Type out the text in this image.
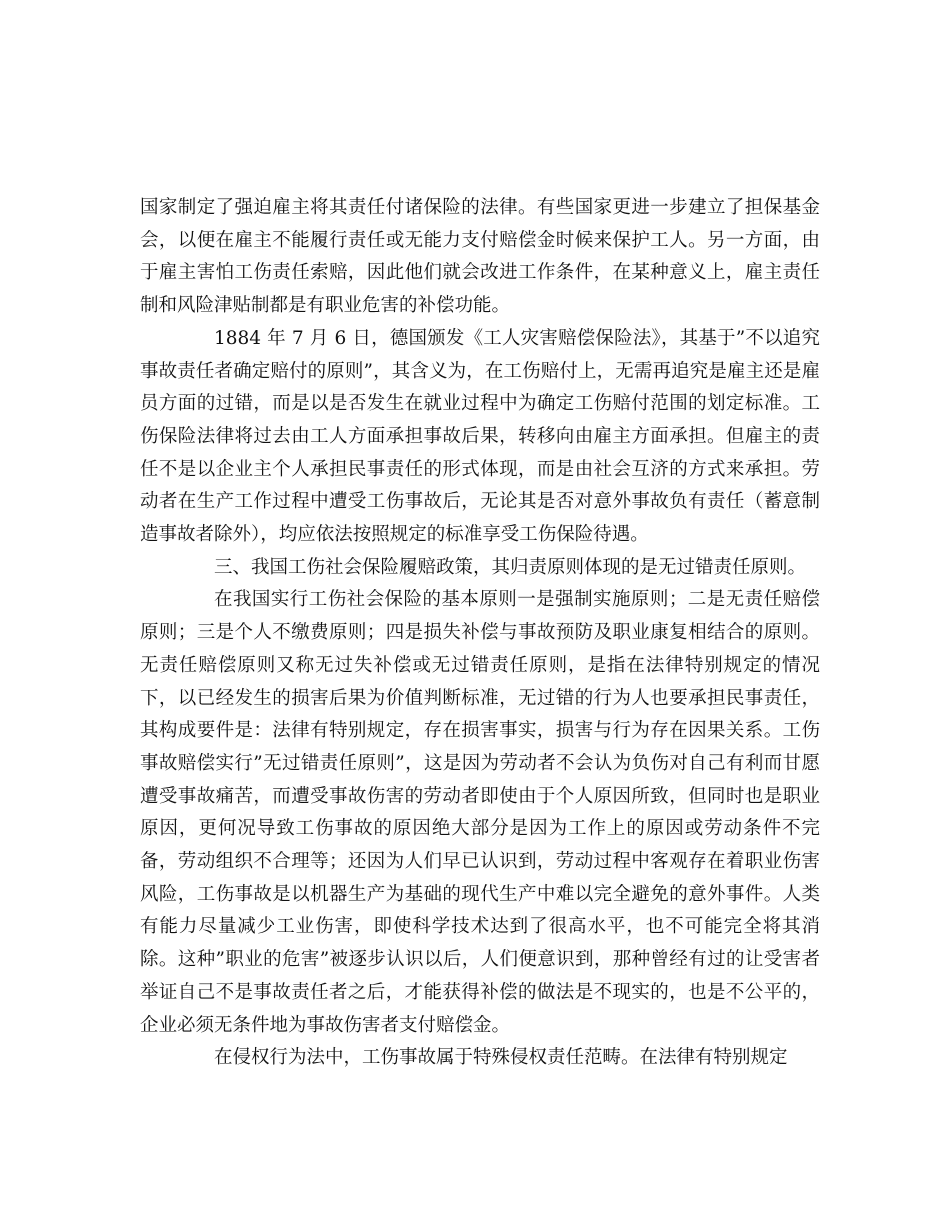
国家制定了强迫雇主将其责任付诸保险的法律。有些国家更进一步建立了担保基金会，以便在雇主不能履行责任或无能力支付赔偿金时候来保护工人。另一方面，由于雇主害怕工伤责任索赔，因此他们就会改进工作条件，在某种意义上，雇主责任制和风险津贴制都是有职业危害的补偿功能。

1884 年 7 月 6 日，德国颁发《工人灾害赔偿保险法》，其基于”不以追究事故责任者确定赔付的原则”，其含义为，在工伤赔付上，无需再追究是雇主还是雇员方面的过错，而是以是否发生在就业过程中为确定工伤赔付范围的划定标准。工伤保险法律将过去由工人方面承担事故后果，转移向由雇主方面承担。但雇主的责任不是以企业主个人承担民事责任的形式体现，而是由社会互济的方式来承担。劳动者在生产工作过程中遭受工伤事故后，无论其是否对意外事故负有责任（蓄意制造事故者除外），均应依法按照规定的标准享受工伤保险待遇。

三、我国工伤社会保险履赔政策，其归责原则体现的是无过错责任原则。

在我国实行工伤社会保险的基本原则一是强制实施原则；二是无责任赔偿原则；三是个人不缴费原则；四是损失补偿与事故预防及职业康复相结合的原则。无责任赔偿原则又称无过失补偿或无过错责任原则，是指在法律特别规定的情况下，以已经发生的损害后果为价值判断标准，无过错的行为人也要承担民事责任，其构成要件是：法律有特别规定，存在损害事实，损害与行为存在因果关系。工伤事故赔偿实行”无过错责任原则”，这是因为劳动者不会认为负伤对自己有利而甘愿遭受事故痛苦，而遭受事故伤害的劳动者即使由于个人原因所致，但同时也是职业原因，更何况导致工伤事故的原因绝大部分是因为工作上的原因或劳动条件不完备，劳动组织不合理等；还因为人们早已认识到，劳动过程中客观存在着职业伤害风险，工伤事故是以机器生产为基础的现代生产中难以完全避免的意外事件。人类有能力尽量减少工业伤害，即使科学技术达到了很高水平，也不可能完全将其消除。这种”职业的危害”被逐步认识以后，人们便意识到，那种曾经有过的让受害者举证自己不是事故责任者之后，才能获得补偿的做法是不现实的，也是不公平的，企业必须无条件地为事故伤害者支付赔偿金。

在侵权行为法中，工伤事故属于特殊侵权责任范畴。在法律有特别规定
